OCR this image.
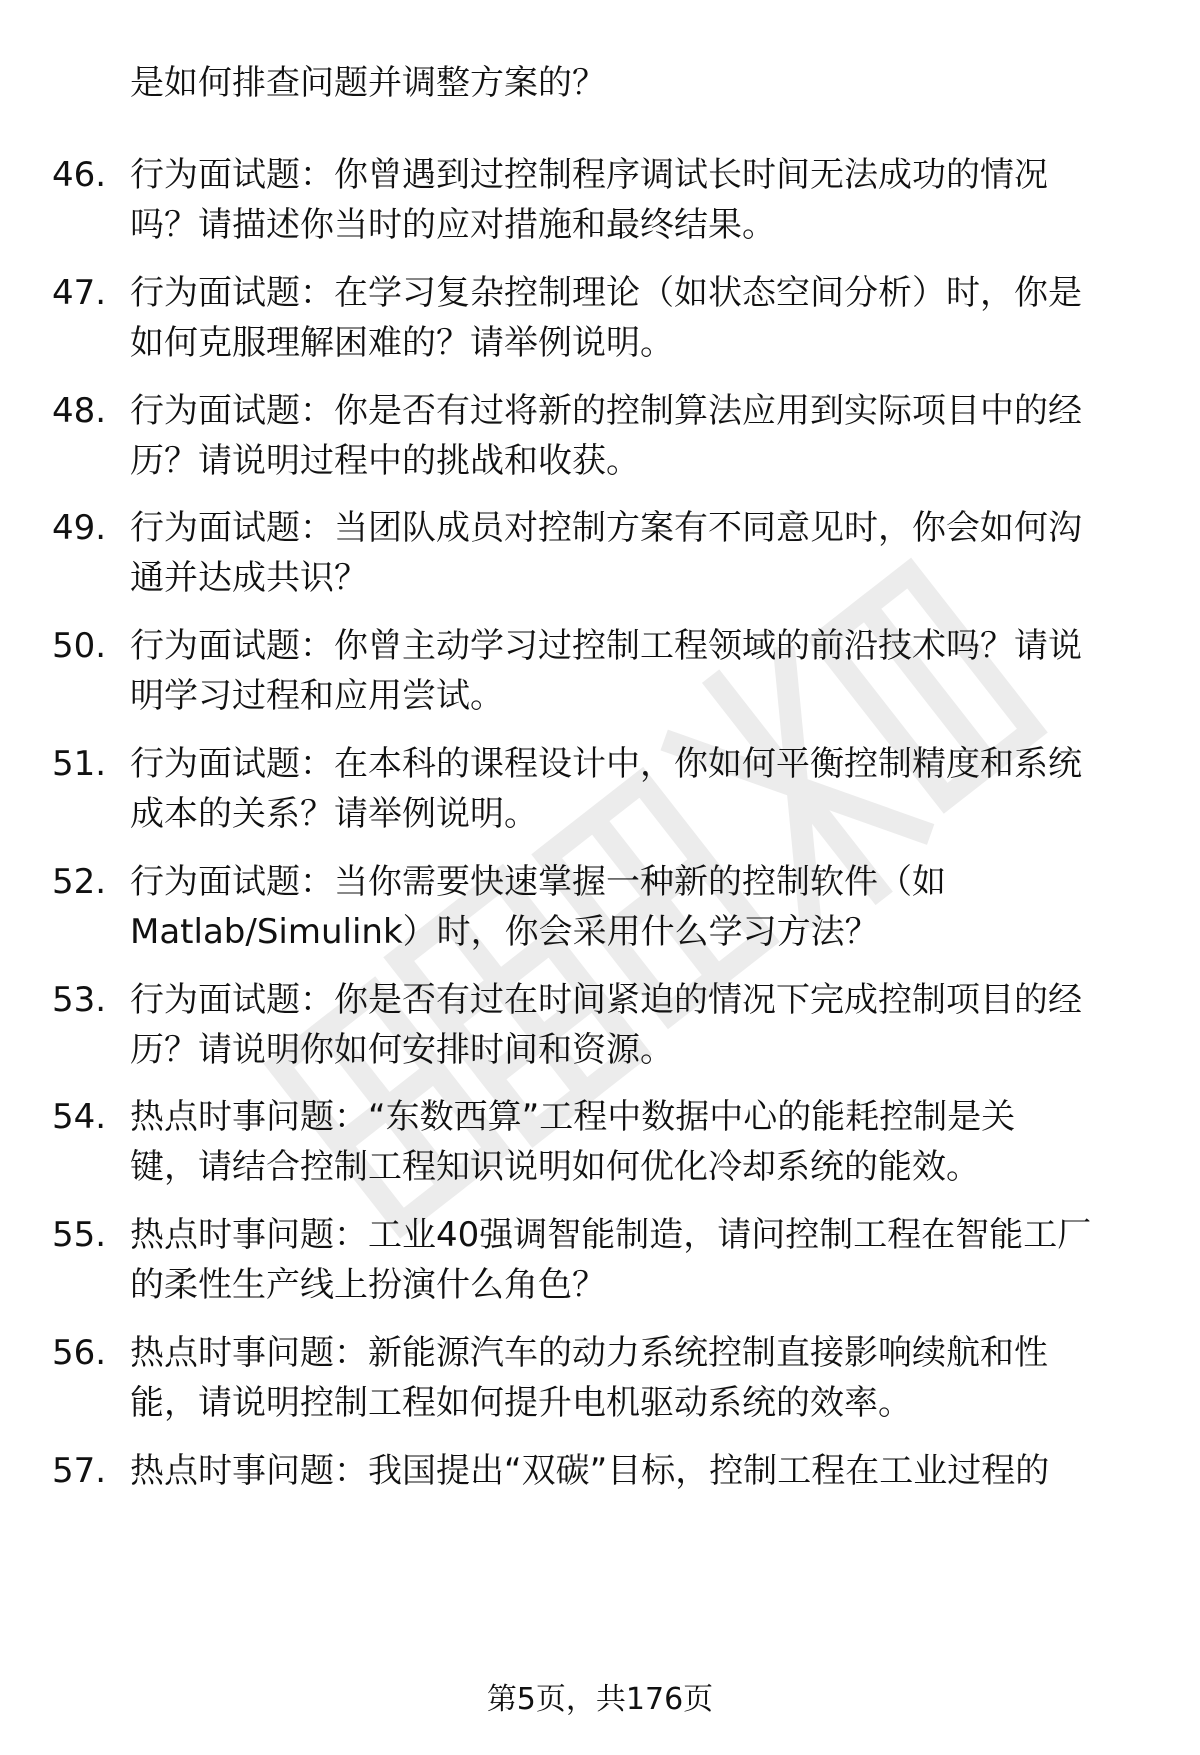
是如何排查问题并调整方案的？
46. 行为面试题：你曾遇到过控制程序调试长时间无法成功的情况
吗？请描述你当时的应对措施和最终结果。
47. 行为面试题：在学习复杂控制理论（如状态空间分析）时，你是
如何克服理解困难的？请举例说明。
48. 行为面试题：你是否有过将新的控制算法应用到实际项目中的经
历？请说明过程中的挑战和收获。
49. 行为面试题：当团队成员对控制方案有不同意见时，你会如何沟
通并达成共识？
50. 行为面试题：你曾主动学习过控制工程领域的前沿技术吗？请说
明学习过程和应用尝试。
51. 行为面试题：在本科的课程设计中，你如何平衡控制精度和系统
成本的关系？请举例说明。
52. 行为面试题：当你需要快速掌握一种新的控制软件（如
Matlab/Simulink）时，你会采用什么学习方法？
53. 行为面试题：你是否有过在时间紧迫的情况下完成控制项目的经
历？请说明你如何安排时间和资源。
54. 热点时事问题：“东数西算”工程中数据中心的能耗控制是关
键，请结合控制工程知识说明如何优化冷却系统的能效。
55. 热点时事问题：工业40强调智能制造，请问控制工程在智能工厂
的柔性生产线上扮演什么角色？
56. 热点时事问题：新能源汽车的动力系统控制直接影响续航和性
能，请说明控制工程如何提升电机驱动系统的效率。
57. 热点时事问题：我国提出“双碳”目标，控制工程在工业过程的
第5页，共176页
